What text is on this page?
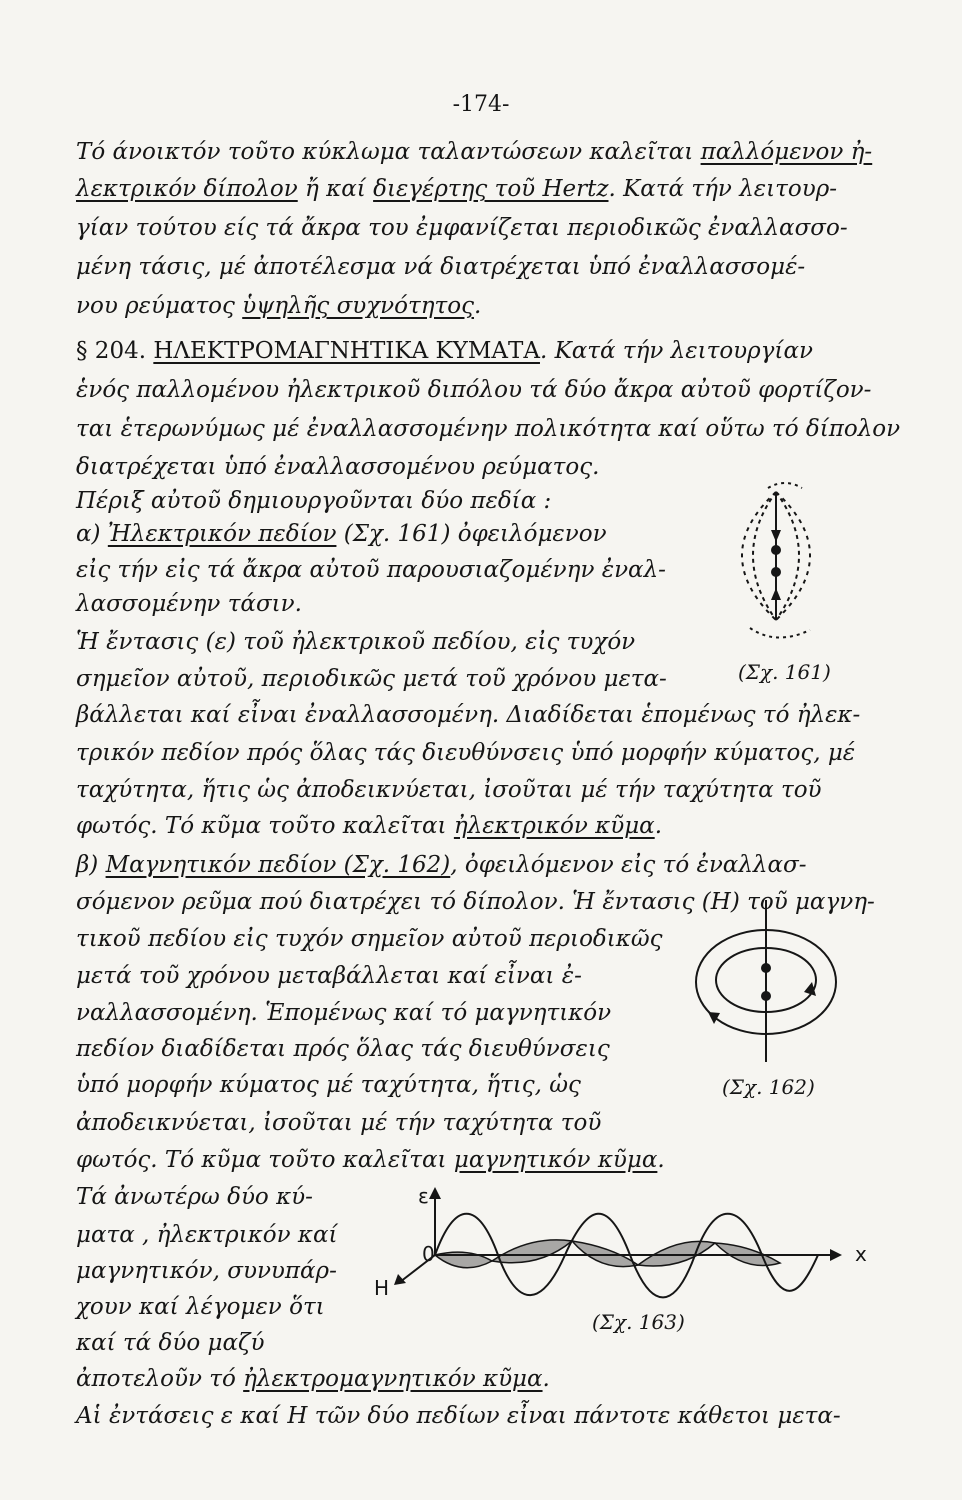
-174-
Τό άνοικτόν τοῦτο κύκλωμα ταλαντώσεων καλεῖται παλλόμενον ἠ-
λεκτρικόν δίπολον ἤ καί διεγέρτης τοῦ Hertz. Κατά τήν λειτουρ-
γίαν τούτου είς τά ἄκρα του ἐμφανίζεται περιοδικῶς ἐναλλασσο-
μένη τάσις, μέ ἀποτέλεσμα νά διατρέχεται ὑπό ἐναλλασσομέ-
νου ρεύματος ὑψηλῆς συχνότητος.
§ 204. ΗΛΕΚΤΡΟΜΑΓΝΗΤΙΚΑ ΚΥΜΑΤΑ. Κατά τήν λειτουργίαν
ἑνός παλλομένου ἠλεκτρικοῦ διπόλου τά δύο ἄκρα αὐτοῦ φορτίζον-
ται ἑτερωνύμως μέ ἐναλλασσομένην πολικότητα καί οὕτω τό δίπολον
διατρέχεται ὑπό ἐναλλασσομένου ρεύματος.
Πέριξ αὐτοῦ δημιουργοῦνται δύο πεδία :
α) Ἠλεκτρικόν πεδίον (Σχ. 161) ὀφειλόμενον
εἰς τήν εἰς τά ἄκρα αὐτοῦ παρουσιαζομένην ἐναλ-
λασσομένην τάσιν.
Ἡ ἔντασις (ε) τοῦ ἠλεκτρικοῦ πεδίου, εἰς τυχόν
σημεῖον αὐτοῦ, περιοδικῶς μετά τοῦ χρόνου μετα-
βάλλεται καί εἶναι ἐναλλασσομένη. Διαδίδεται ἑπομένως τό ἠλεκ-
τρικόν πεδίον πρός ὅλας τάς διευθύνσεις ὑπό μορφήν κύματος, μέ
ταχύτητα, ἥτις ὡς ἀποδεικνύεται, ἰσοῦται μέ τήν ταχύτητα τοῦ
φωτός. Τό κῦμα τοῦτο καλεῖται ἠλεκτρικόν κῦμα.
β) Μαγνητικόν πεδίον (Σχ. 162), ὀφειλόμενον εἰς τό ἐναλλασ-
σόμενον ρεῦμα πού διατρέχει τό δίπολον. Ἡ ἔντασις (Η) τοῦ μαγνη-
τικοῦ πεδίου εἰς τυχόν σημεῖον αὐτοῦ περιοδικῶς
μετά τοῦ χρόνου μεταβάλλεται καί εἶναι ἐ-
ναλλασσομένη. Ἑπομένως καί τό μαγνητικόν
πεδίον διαδίδεται πρός ὅλας τάς διευθύνσεις
ὑπό μορφήν κύματος μέ ταχύτητα, ἥτις, ὡς
ἀποδεικνύεται, ἰσοῦται μέ τήν ταχύτητα τοῦ
φωτός. Τό κῦμα τοῦτο καλεῖται μαγνητικόν κῦμα.
Τά ἀνωτέρω δύο κύ-
ματα , ἠλεκτρικόν καί
μαγνητικόν, συνυπάρ-
χουν καί λέγομεν ὅτι
καί τά δύο μαζύ
ἀποτελοῦν τό ἠλεκτρομαγνητικόν κῦμα.
Αἱ ἐντάσεις ε καί Η τῶν δύο πεδίων εἶναι πάντοτε κάθετοι μετα-
(Σχ. 161)
(Σχ. 162)
ε
0	x
H
(Σχ. 163)
